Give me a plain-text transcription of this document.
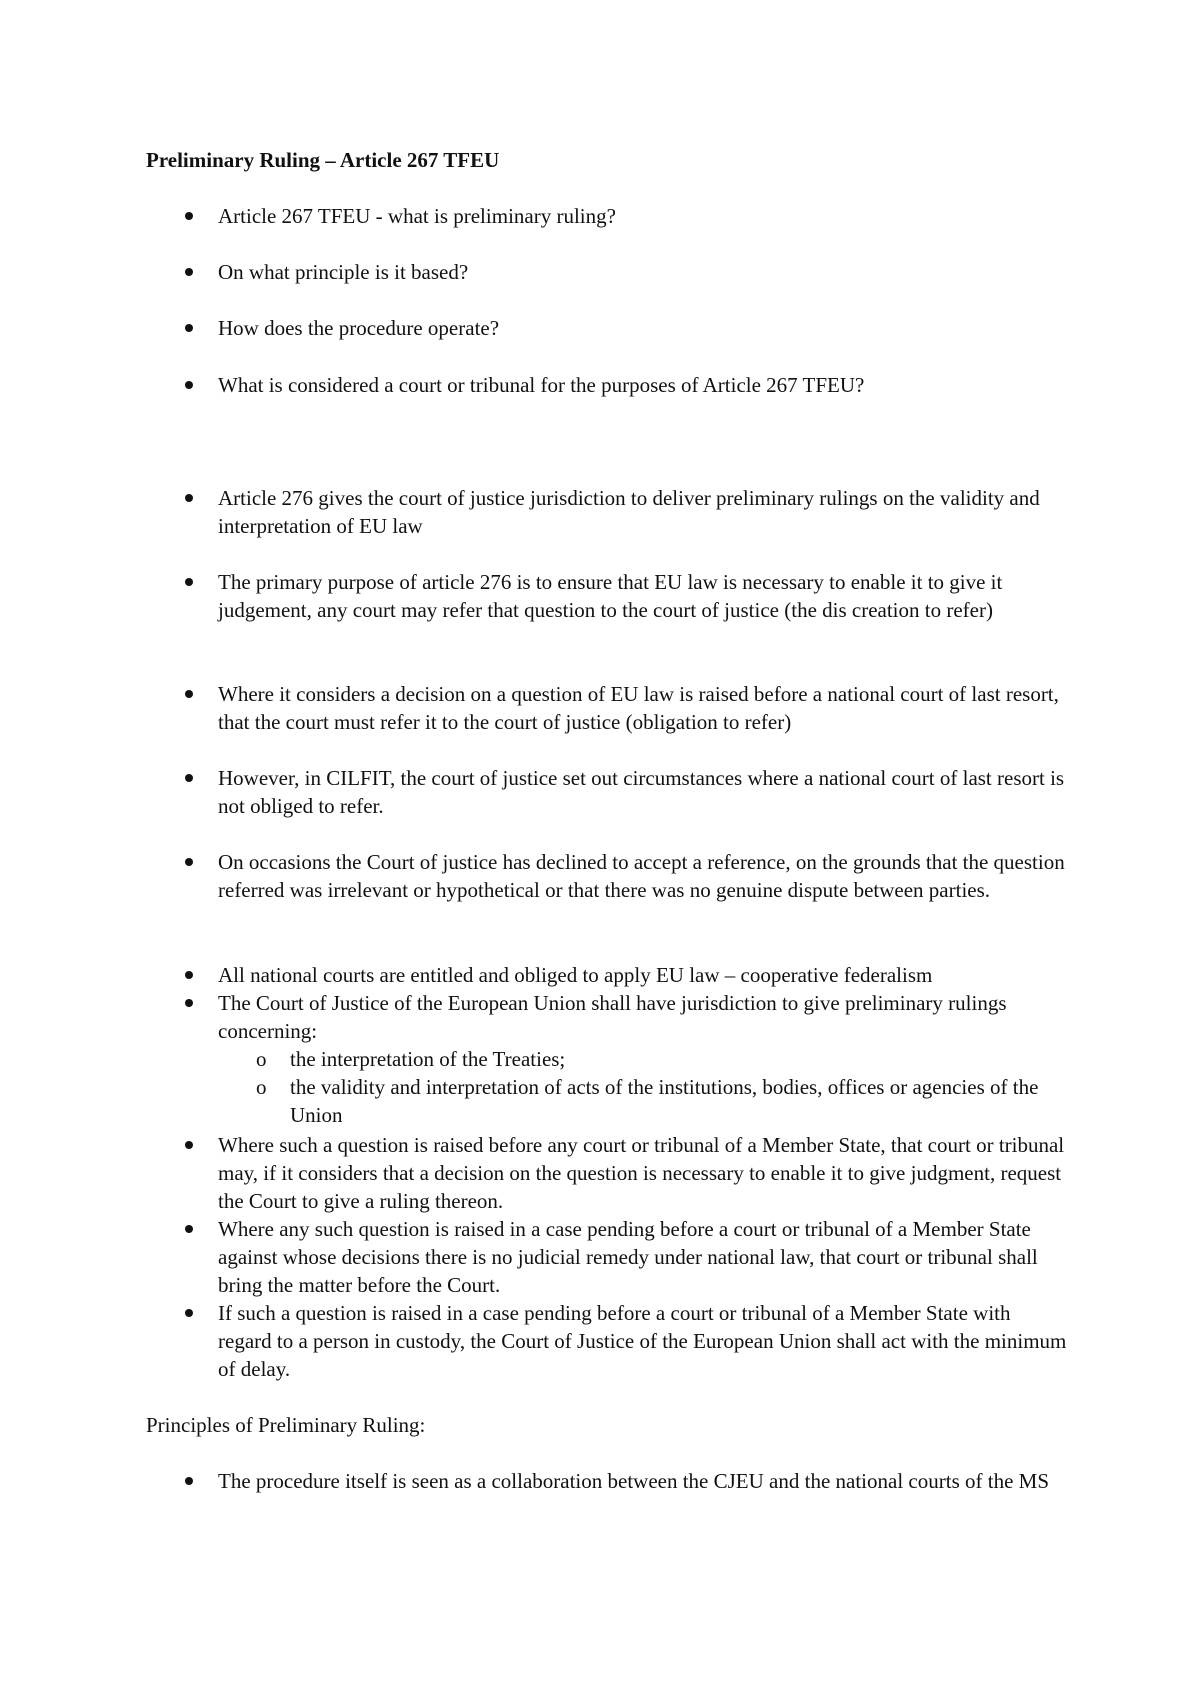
Preliminary Ruling – Article 267 TFEU
Article 267 TFEU - what is preliminary ruling?
On what principle is it based?
How does the procedure operate?
What is considered a court or tribunal for the purposes of Article 267 TFEU?
Article 276 gives the court of justice jurisdiction to deliver preliminary rulings on the validity and interpretation of EU law
The primary purpose of article 276 is to ensure that EU law is necessary to enable it to give it judgement, any court may refer that question to the court of justice (the dis creation to refer)
Where it considers a decision on a question of EU law is raised before a national court of last resort, that the court must refer it to the court of justice (obligation to refer)
However, in CILFIT, the court of justice set out circumstances where a national court of last resort is not obliged to refer.
On occasions the Court of justice has declined to accept a reference, on the grounds that the question referred was irrelevant or hypothetical or that there was no genuine dispute between parties.
All national courts are entitled and obliged to apply EU law – cooperative federalism
The Court of Justice of the European Union shall have jurisdiction to give preliminary rulings concerning:
o the interpretation of the Treaties;
o the validity and interpretation of acts of the institutions, bodies, offices or agencies of the Union
Where such a question is raised before any court or tribunal of a Member State, that court or tribunal may, if it considers that a decision on the question is necessary to enable it to give judgment, request the Court to give a ruling thereon.
Where any such question is raised in a case pending before a court or tribunal of a Member State against whose decisions there is no judicial remedy under national law, that court or tribunal shall bring the matter before the Court.
If such a question is raised in a case pending before a court or tribunal of a Member State with regard to a person in custody, the Court of Justice of the European Union shall act with the minimum of delay.
Principles of Preliminary Ruling:
The procedure itself is seen as a collaboration between the CJEU and the national courts of the MS
